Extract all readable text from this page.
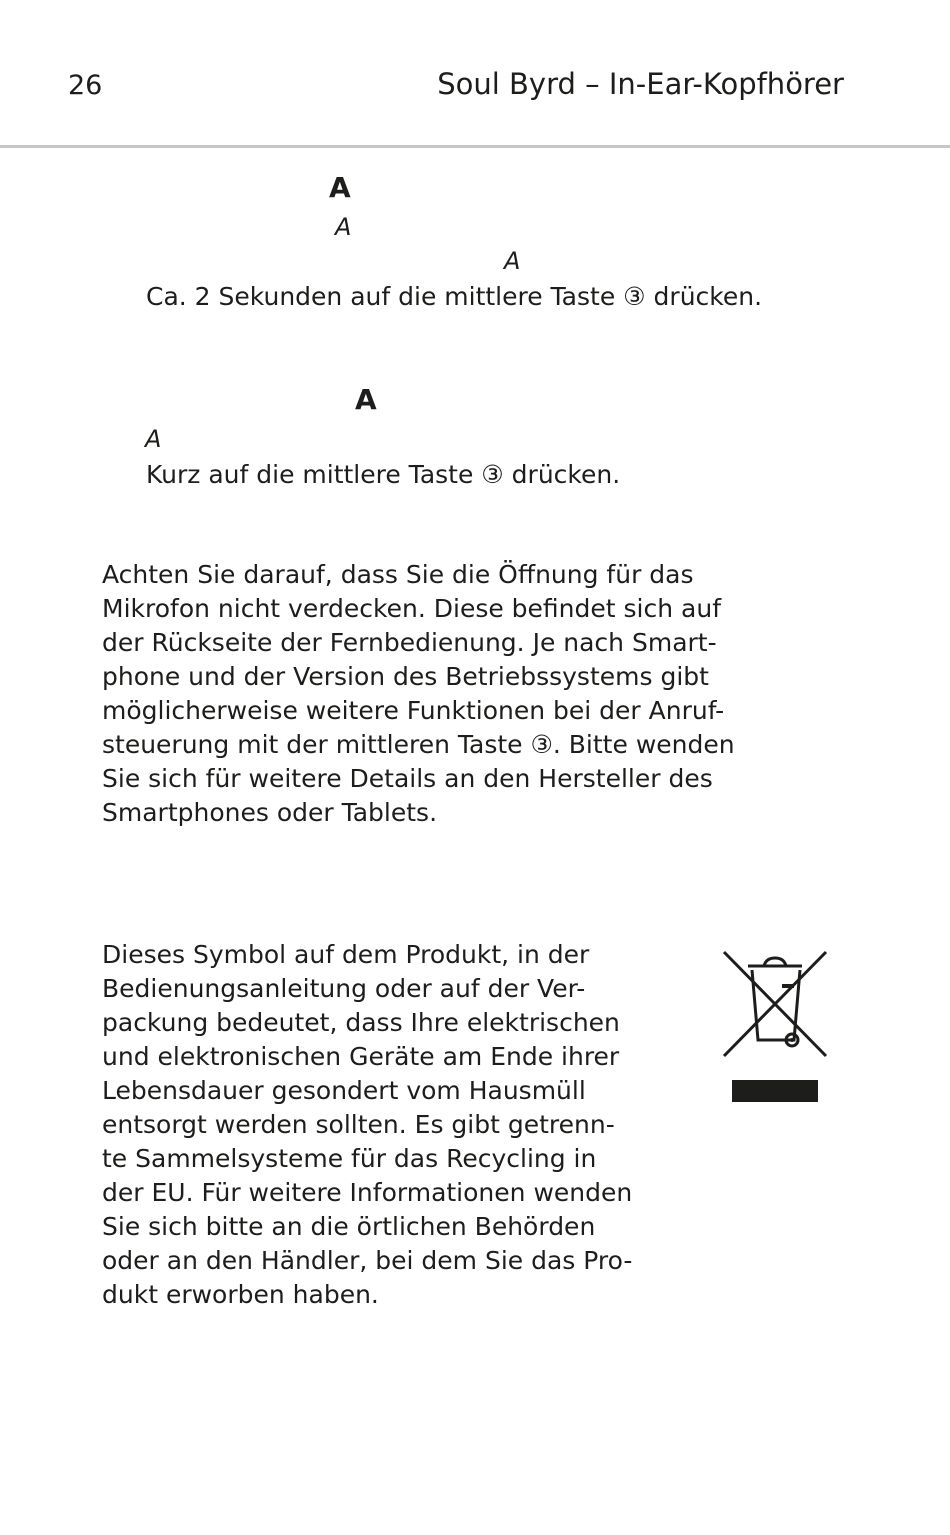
26	Soul Byrd – In-Ear-Kopfhörer
A
A
A
Ca. 2 Sekunden auf die mittlere Taste ③ drücken.
A
A
Kurz auf die mittlere Taste ③ drücken.
Achten Sie darauf, dass Sie die Öffnung für das
Mikrofon nicht verdecken. Diese befindet sich auf
der Rückseite der Fernbedienung. Je nach Smart-
phone und der Version des Betriebssystems gibt
möglicherweise weitere Funktionen bei der Anruf-
steuerung mit der mittleren Taste ③. Bitte wenden
Sie sich für weitere Details an den Hersteller des
Smartphones oder Tablets.
Dieses Symbol auf dem Produkt, in der
Bedienungsanleitung oder auf der Ver-
packung bedeutet, dass Ihre elektrischen
und elektronischen Geräte am Ende ihrer
Lebensdauer gesondert vom Hausmüll
entsorgt werden sollten. Es gibt getrenn-
te Sammelsysteme für das Recycling in
der EU. Für weitere Informationen wenden
Sie sich bitte an die örtlichen Behörden
oder an den Händler, bei dem Sie das Pro-
dukt erworben haben.
